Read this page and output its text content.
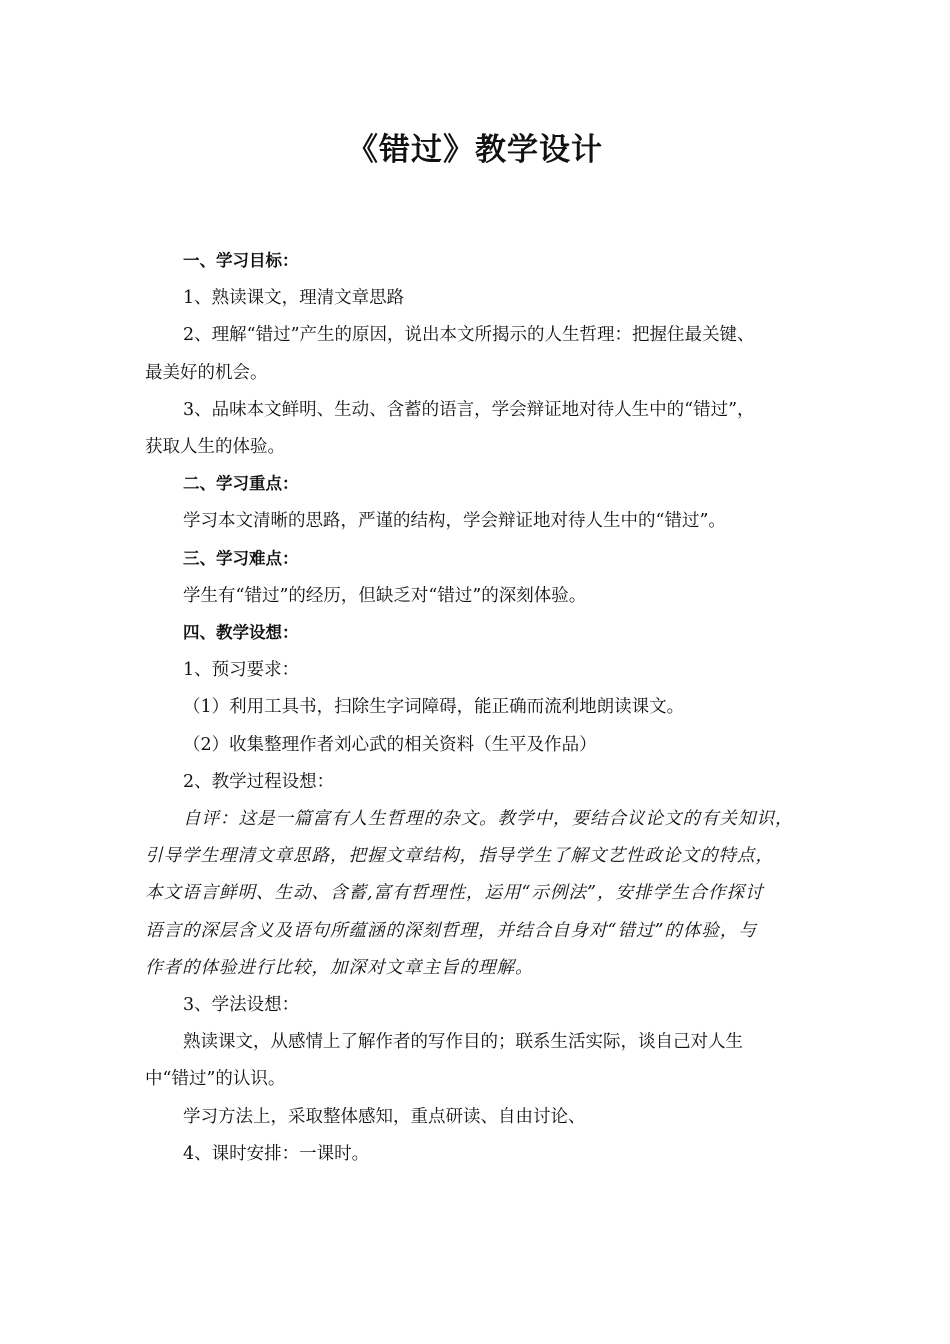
《错过》教学设计

一、学习目标：

1、熟读课文，理清文章思路

2、理解“错过”产生的原因，说出本文所揭示的人生哲理：把握住最关键、

最美好的机会。

3、品味本文鲜明、生动、含蓄的语言，学会辩证地对待人生中的“错过”，

获取人生的体验。

二、学习重点：

学习本文清晰的思路，严谨的结构，学会辩证地对待人生中的“错过”。

三、学习难点：

学生有“错过”的经历，但缺乏对“错过”的深刻体验。

四、教学设想：

1、预习要求：

（1）利用工具书，扫除生字词障碍，能正确而流利地朗读课文。

（2）收集整理作者刘心武的相关资料（生平及作品）

2、教学过程设想：

自评：这是一篇富有人生哲理的杂文。教学中，要结合议论文的有关知识，

引导学生理清文章思路，把握文章结构，指导学生了解文艺性政论文的特点，

本文语言鲜明、生动、含蓄,富有哲理性，运用“示例法”，安排学生合作探讨

语言的深层含义及语句所蕴涵的深刻哲理，并结合自身对“错过”的体验，与

作者的体验进行比较，加深对文章主旨的理解。

3、学法设想：

熟读课文，从感情上了解作者的写作目的；联系生活实际，谈自己对人生

中“错过”的认识。

学习方法上，采取整体感知，重点研读、自由讨论、

4、课时安排：一课时。
